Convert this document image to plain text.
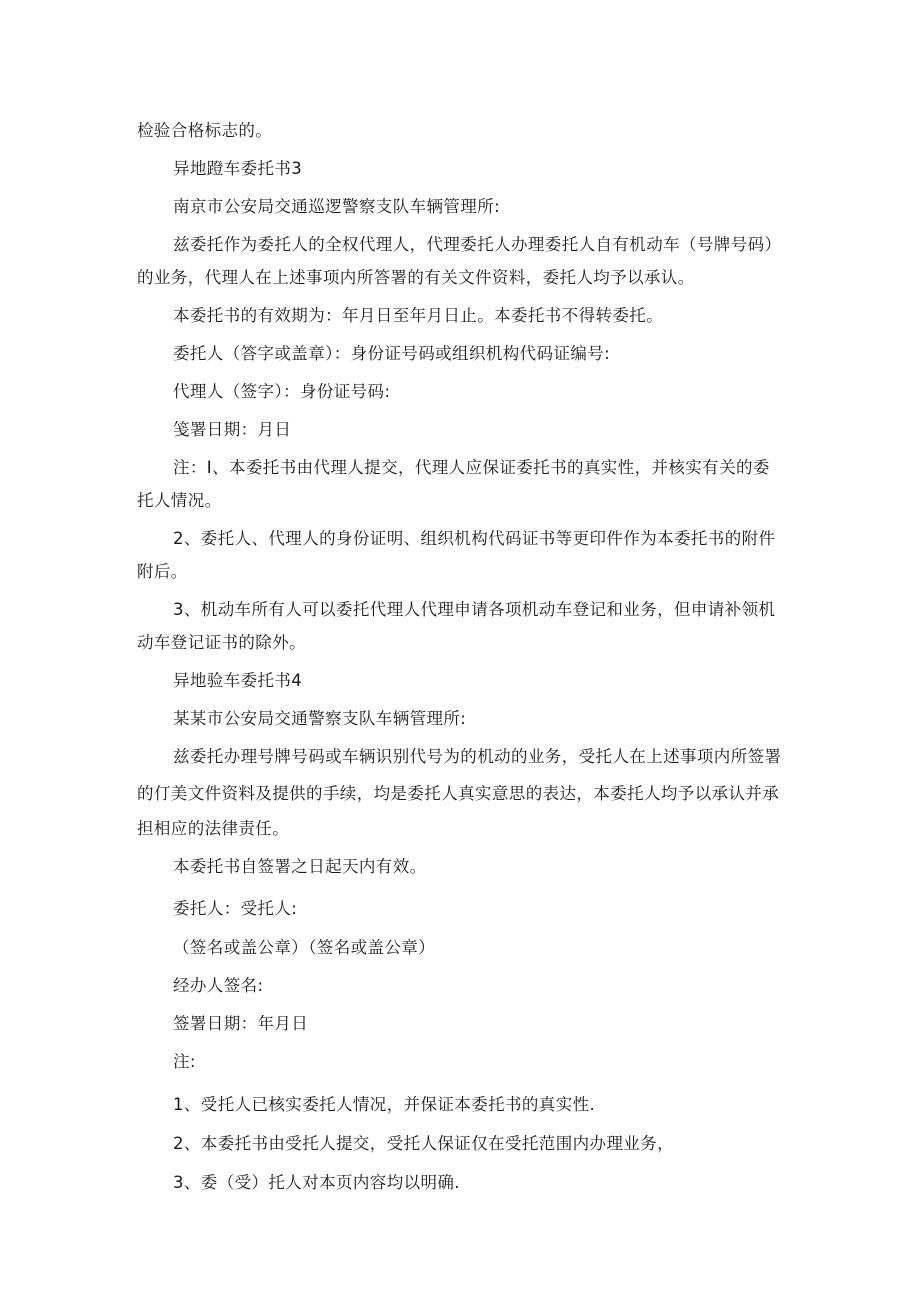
检验合格标志的。
异地蹬车委托书3
南京市公安局交通巡逻警察支队车辆管理所:
兹委托作为委托人的全权代理人，代理委托人办理委托人自有机动车（号牌号码）
的业务，代理人在上述事项内所答署的有关文件资料，委托人均予以承认。
本委托书的有效期为：年月日至年月日止。本委托书不得转委托。
委托人（答字或盖章）：身份证号码或组织机构代码证编号:
代理人（签字）：身份证号码:
笺署日期：月日
注：I、本委托书由代理人提交，代理人应保证委托书的真实性，并核实有关的委
托人情况。
2、委托人、代理人的身份证明、组织机构代码证书等更印件作为本委托书的附件
附后。
3、机动车所有人可以委托代理人代理申请各项机动车登记和业务，但申请补领机
动车登记证书的除外。
异地验车委托书4
某某市公安局交通警察支队车辆管理所:
兹委托办理号牌号码或车辆识别代号为的机动的业务，受托人在上述事项内所签署
的仃美文件资料及提供的手续，均是委托人真实意思的表达，本委托人均予以承认并承
担相应的法律责任。
本委托书自签署之日起天内有效。
委托人：受托人:
（签名或盖公章）（签名或盖公章）
经办人签名:
签署日期：年月日
注:
1、受托人已核实委托人情况，并保证本委托书的真实性.
2、本委托书由受托人提交，受托人保证仅在受托范围内办理业务，
3、委（受）托人对本页内容均以明确.
